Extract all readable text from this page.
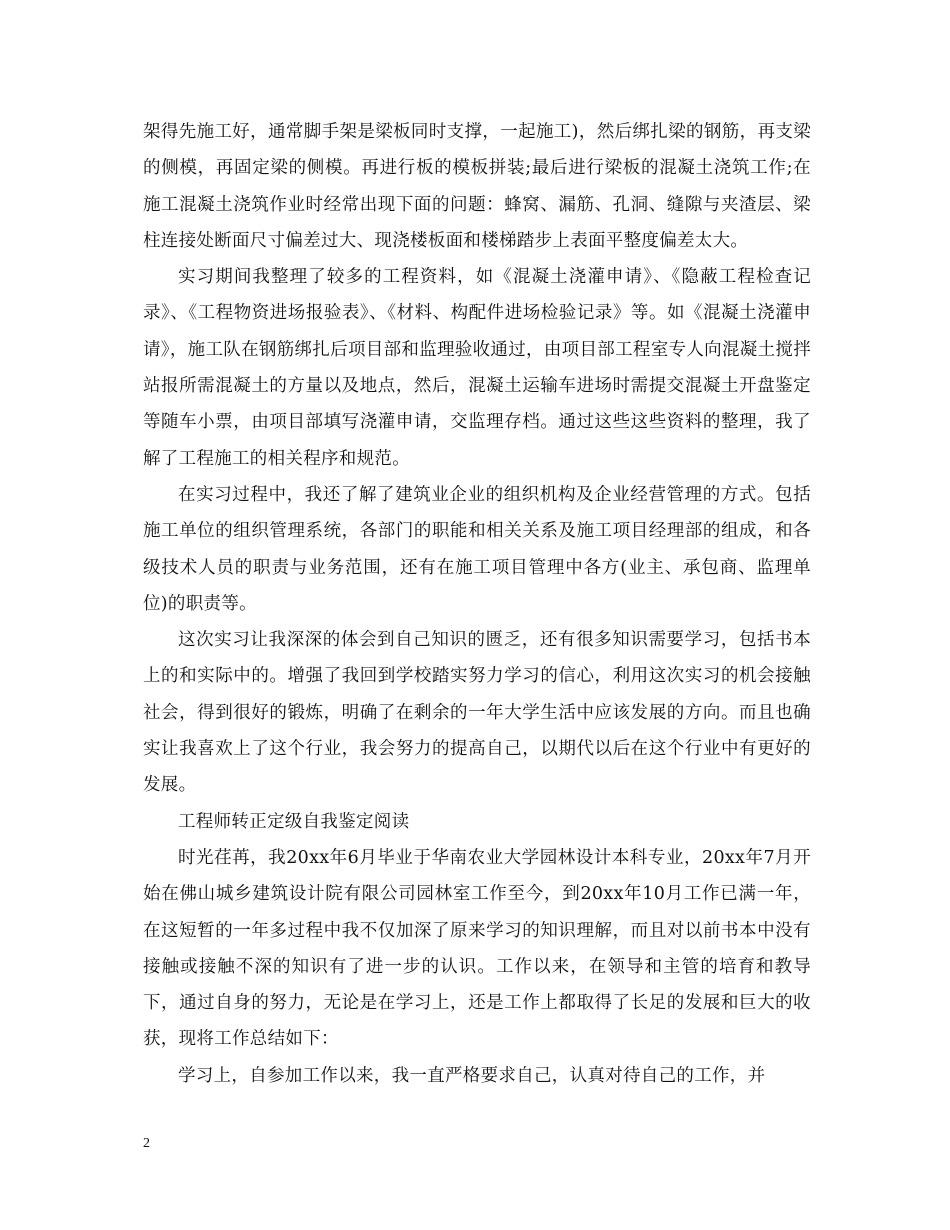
架得先施工好，通常脚手架是梁板同时支撑，一起施工)，然后绑扎梁的钢筋，再支梁的侧模，再固定梁的侧模。再进行板的模板拼装;最后进行梁板的混凝土浇筑工作;在施工混凝土浇筑作业时经常出现下面的问题：蜂窝、漏筋、孔洞、缝隙与夹渣层、梁柱连接处断面尺寸偏差过大、现浇楼板面和楼梯踏步上表面平整度偏差太大。

实习期间我整理了较多的工程资料，如《混凝土浇灌申请》、《隐蔽工程检查记录》、《工程物资进场报验表》、《材料、构配件进场检验记录》等。如《混凝土浇灌申请》，施工队在钢筋绑扎后项目部和监理验收通过，由项目部工程室专人向混凝土搅拌站报所需混凝土的方量以及地点，然后，混凝土运输车进场时需提交混凝土开盘鉴定等随车小票，由项目部填写浇灌申请，交监理存档。通过这些这些资料的整理，我了解了工程施工的相关程序和规范。

在实习过程中，我还了解了建筑业企业的组织机构及企业经营管理的方式。包括施工单位的组织管理系统，各部门的职能和相关关系及施工项目经理部的组成，和各级技术人员的职责与业务范围，还有在施工项目管理中各方(业主、承包商、监理单位)的职责等。

这次实习让我深深的体会到自己知识的匮乏，还有很多知识需要学习，包括书本上的和实际中的。增强了我回到学校踏实努力学习的信心，利用这次实习的机会接触社会，得到很好的锻炼，明确了在剩余的一年大学生活中应该发展的方向。而且也确实让我喜欢上了这个行业，我会努力的提高自己，以期代以后在这个行业中有更好的发展。

工程师转正定级自我鉴定阅读

时光荏苒，我20xx年6月毕业于华南农业大学园林设计本科专业，20xx年7月开始在佛山城乡建筑设计院有限公司园林室工作至今，到20xx年10月工作已满一年，在这短暂的一年多过程中我不仅加深了原来学习的知识理解，而且对以前书本中没有接触或接触不深的知识有了进一步的认识。工作以来，在领导和主管的培育和教导下，通过自身的努力，无论是在学习上，还是工作上都取得了长足的发展和巨大的收获，现将工作总结如下：

学习上，自参加工作以来，我一直严格要求自己，认真对待自己的工作，并

2
